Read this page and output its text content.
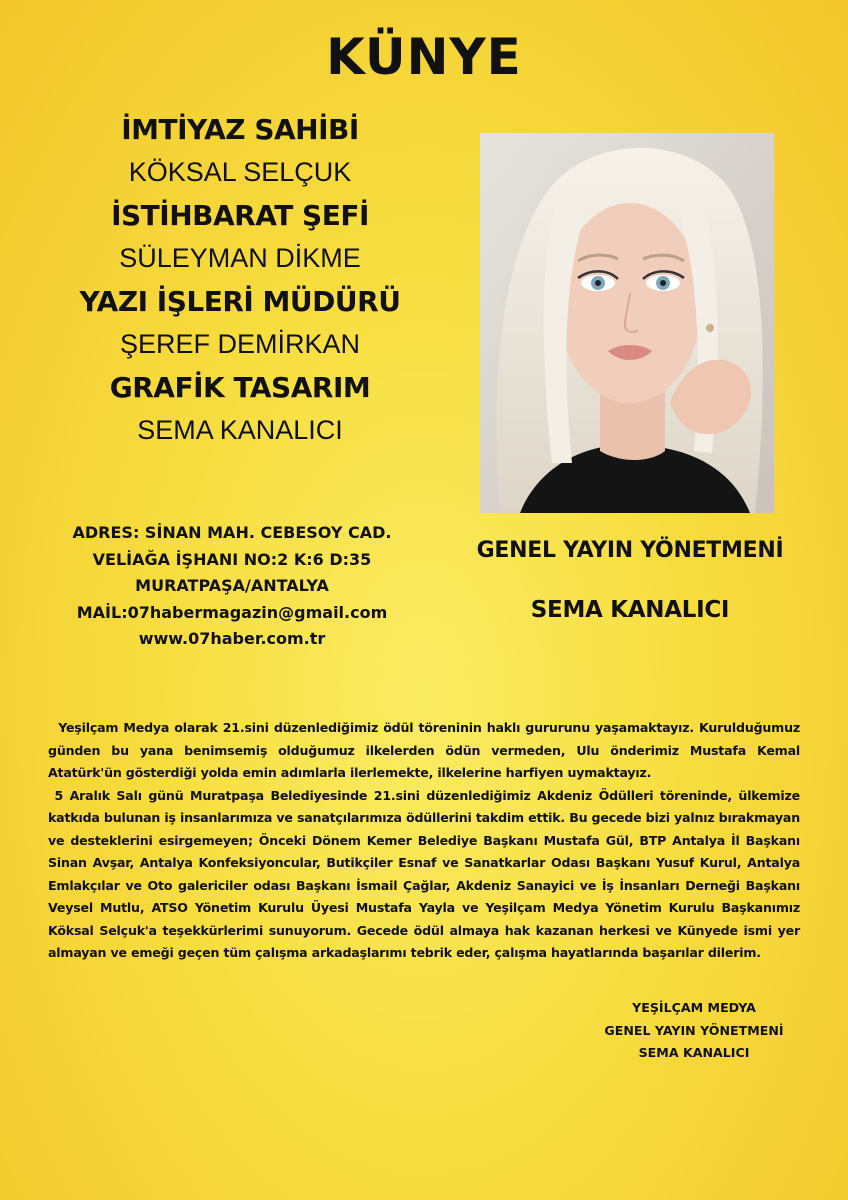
KÜNYE

İMTİYAZ SAHİBİ

KÖKSAL SELÇUK

İSTİHBARAT ŞEFİ

SÜLEYMAN DİKME

YAZI İŞLERİ MÜDÜRÜ

ŞEREF DEMİRKAN

GRAFİK TASARIM

SEMA KANALICI

ADRES: SİNAN MAH. CEBESOY CAD.
VELİAĞA İŞHANI NO:2 K:6 D:35
MURATPAŞA/ANTALYA
MAİL:07habermagazin@gmail.com
www.07haber.com.tr

GENEL YAYIN YÖNETMENİ

SEMA KANALICI

Yeşilçam Medya olarak 21.sini düzenlediğimiz ödül töreninin haklı gururunu yaşamaktayız. Kurulduğumuz günden bu yana benimsemiş olduğumuz ilkelerden ödün vermeden, Ulu önderimiz Mustafa Kemal Atatürk'ün gösterdiği yolda emin adımlarla ilerlemekte, ilkelerine harfiyen uymaktayız.

5 Aralık Salı günü Muratpaşa Belediyesinde 21.sini düzenlediğimiz Akdeniz Ödülleri töreninde, ülkemize katkıda bulunan iş insanlarımıza ve sanatçılarımıza ödüllerini takdim ettik. Bu gecede bizi yalnız bırakmayan ve desteklerini esirgemeyen; Önceki Dönem Kemer Belediye Başkanı Mustafa Gül, BTP Antalya İl Başkanı Sinan Avşar, Antalya Konfeksiyoncular, Butikçiler Esnaf ve Sanatkarlar Odası Başkanı Yusuf Kurul, Antalya Emlakçılar ve Oto galericiler odası Başkanı İsmail Çağlar, Akdeniz Sanayici ve İş İnsanları Derneği Başkanı Veysel Mutlu, ATSO Yönetim Kurulu Üyesi Mustafa Yayla ve Yeşilçam Medya Yönetim Kurulu Başkanımız Köksal Selçuk'a teşekkürlerimi sunuyorum. Gecede ödül almaya hak kazanan herkesi ve Künyede ismi yer almayan ve emeği geçen tüm çalışma arkadaşlarımı tebrik eder, çalışma hayatlarında başarılar dilerim.

YEŞİLÇAM MEDYA
GENEL YAYIN YÖNETMENİ
SEMA KANALICI
